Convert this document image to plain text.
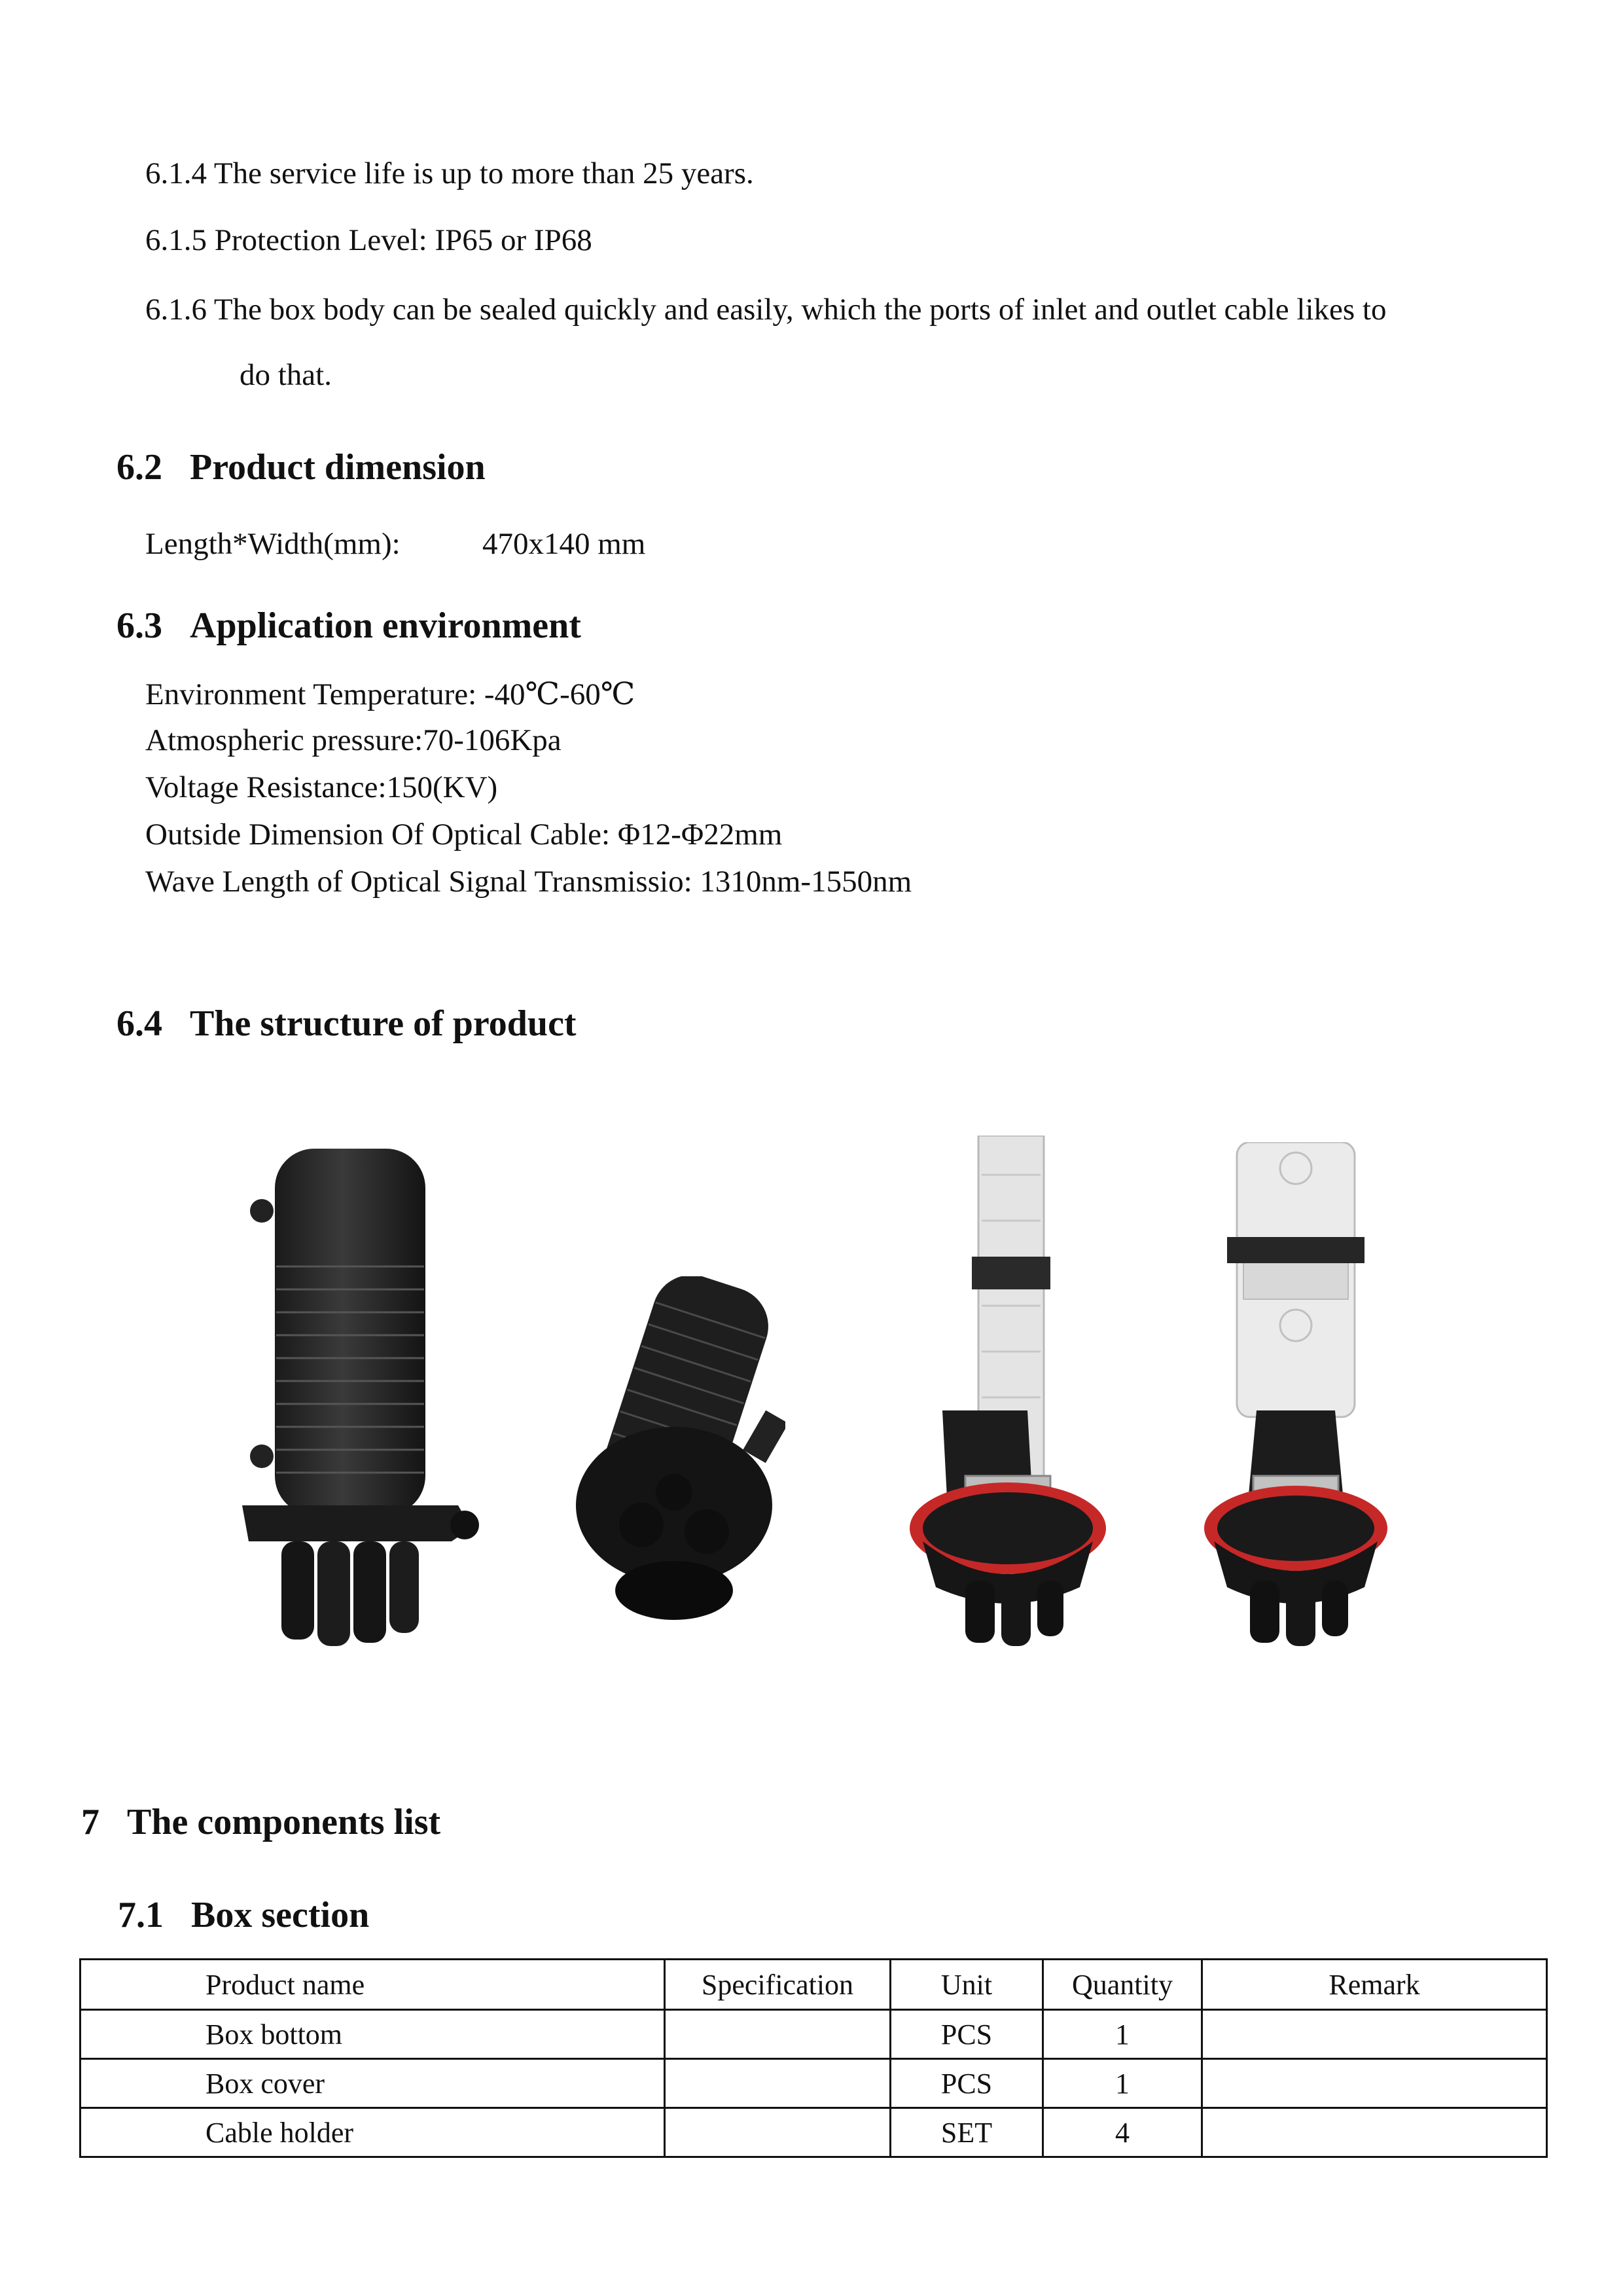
6.1.4 The service life is up to more than 25 years.
6.1.5 Protection Level: IP65 or IP68
6.1.6 The box body can be sealed quickly and easily, which the ports of inlet and outlet cable likes to
do that.
6.2 Product dimension
Length*Width(mm):	470x140 mm
6.3 Application environment
Environment Temperature: -40℃-60℃
Atmospheric pressure:70-106Kpa
Voltage Resistance:150(KV)
Outside Dimension Of Optical Cable: Φ12-Φ22mm
Wave Length of Optical Signal Transmissio: 1310nm-1550nm
6.4 The structure of product
7 The components list
7.1 Box section
Product name	Specification	Unit	Quantity	Remark
Box bottom		PCS	1	
Box cover		PCS	1	
Cable holder		SET	4	
